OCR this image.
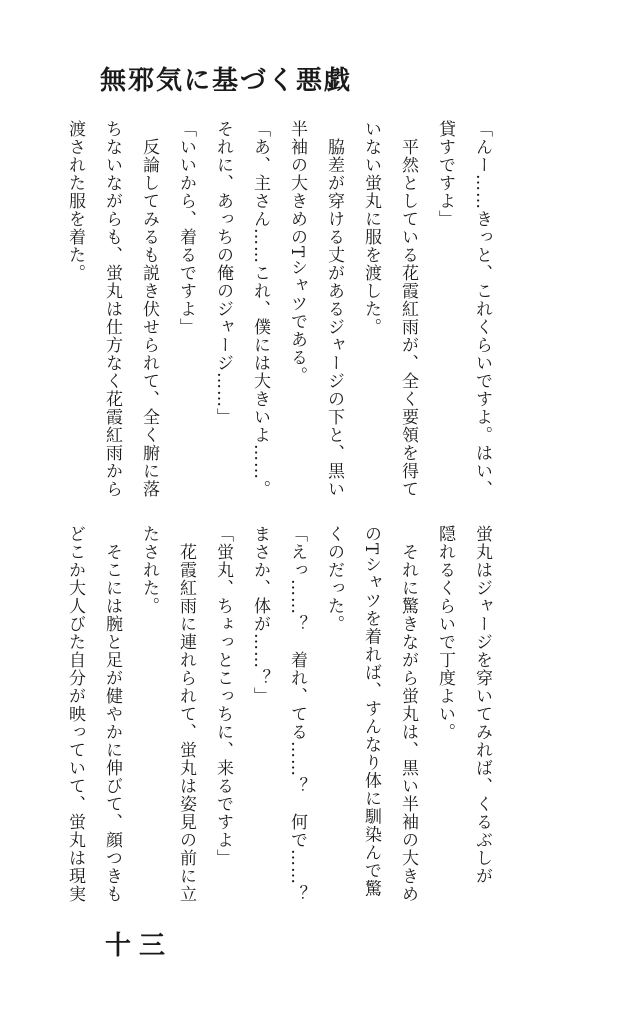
無邪気に基づく悪戯
「んー……きっと、これくらいですよ。はい、
貸すですよ」
　平然としている花霞紅雨が、全く要領を得て
いない蛍丸に服を渡した。
　脇差が穿ける丈があるジャージの下と、黒い
半袖の大きめのTシャツである。
「あ、主さん……これ、僕には大きいよ……。
それに、あっちの俺のジャージ……」
「いいから、着るですよ」
　反論してみるも説き伏せられて、全く腑に落
ちないながらも、蛍丸は仕方なく花霞紅雨から
渡された服を着た。
蛍丸はジャージを穿いてみれば、くるぶしが
隠れるくらいで丁度よい。
　それに驚きながら蛍丸は、黒い半袖の大きめ
のTシャツを着れば、すんなり体に馴染んで驚
くのだった。
「えっ……？　着れ、てる……？　何で……？
まさか、体が……？」
「蛍丸、ちょっとこっちに、来るですよ」
　花霞紅雨に連れられて、蛍丸は姿見の前に立
たされた。
　そこには腕と足が健やかに伸びて、顔つきも
どこか大人びた自分が映っていて、蛍丸は現実
十三
